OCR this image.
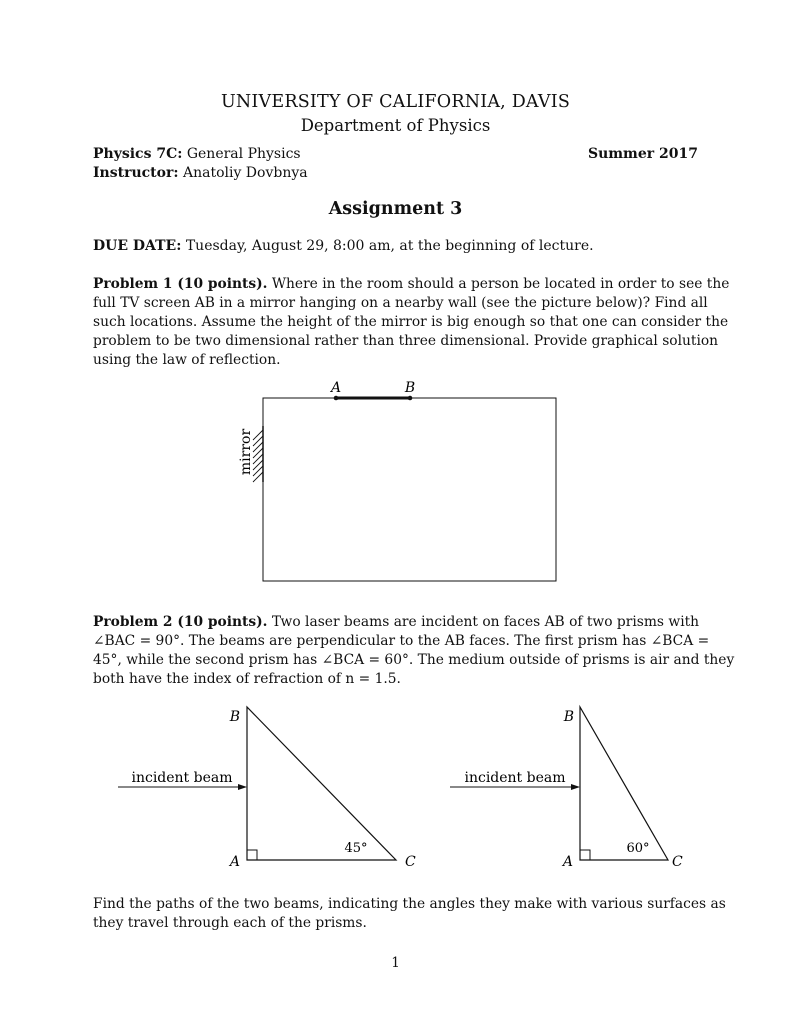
UNIVERSITY OF CALIFORNIA, DAVIS
Department of Physics
Physics 7C: General Physics	Summer 2017
Instructor: Anatoliy Dovbnya
Assignment 3
DUE DATE: Tuesday, August 29, 8:00 am, at the beginning of lecture.
Problem 1 (10 points). Where in the room should a person be located in order to see the
full TV screen AB in a mirror hanging on a nearby wall (see the picture below)? Find all
such locations. Assume the height of the mirror is big enough so that one can consider the
problem to be two dimensional rather than three dimensional. Provide graphical solution
using the law of reflection.
A	B
mirror
incident beam
B
A	C
45°
incident beam
B
A	C
60°
Problem 2 (10 points). Two laser beams are incident on faces AB of two prisms with
∠BAC = 90°. The beams are perpendicular to the AB faces. The first prism has ∠BCA =
45°, while the second prism has ∠BCA = 60°. The medium outside of prisms is air and they
both have the index of refraction of n = 1.5.
Find the paths of the two beams, indicating the angles they make with various surfaces as
they travel through each of the prisms.
1
